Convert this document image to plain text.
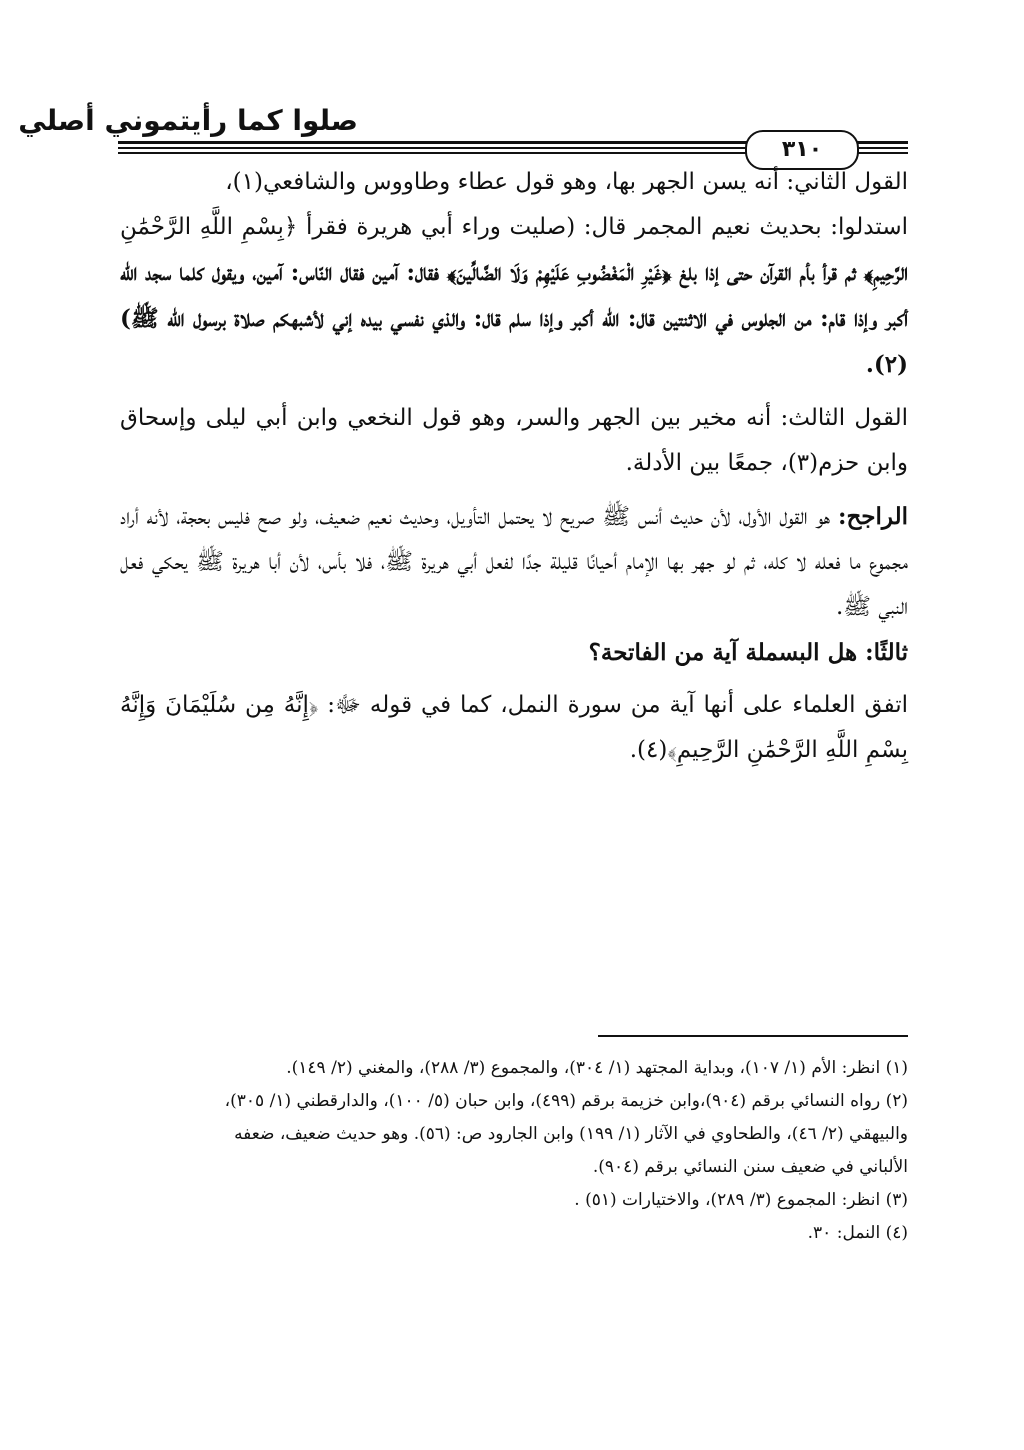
صلوا كما رأيتموني أصلي
٣١٠

القول الثاني: أنه يسن الجهر بها، وهو قول عطاء وطاووس والشافعي(١)،
استدلوا: بحديث نعيم المجمر قال: (صليت وراء أبي هريرة فقرأ ﴿بِسْمِ اللَّهِ الرَّحْمَٰنِ الرَّحِيمِ﴾ ثم قرأ بأم القرآن حتى إذا بلغ ﴿غَيْرِ الْمَغْضُوبِ عَلَيْهِمْ وَلَا الضَّالِّينَ﴾ فقال: آمين فقال النّاس: آمين، ويقول كلما سجد الله أكبر وإذا قام: من الجلوس في الاثنتين قال: الله أكبر وإذا سلم قال: والذي نفسي بيده إني لأشبهكم صلاة برسول الله ﷺ)(٢).

القول الثالث: أنه مخير بين الجهر والسر، وهو قول النخعي وابن أبي ليلى وإسحاق وابن حزم(٣)، جمعًا بين الأدلة.

الراجح: هو القول الأول، لأن حديث أنس ﷺ صريح لا يحتمل التأويل، وحديث نعيم ضعيف، ولو صح فليس بحجة، لأنه أراد مجموع ما فعله لا كله، ثم لو جهر بها الإمام أحيانًا قليلة جدًا لفعل أبي هريرة ﷺ، فلا بأس، لأن أبا هريرة ﷺ يحكي فعل النبي ﷺ.

ثالثًا: هل البسملة آية من الفاتحة؟

اتفق العلماء على أنها آية من سورة النمل، كما في قوله ﷻ: ﴿إِنَّهُ مِن سُلَيْمَانَ وَإِنَّهُ بِسْمِ اللَّهِ الرَّحْمَٰنِ الرَّحِيمِ﴾(٤).

(١) انظر: الأم (١/ ١٠٧)، وبداية المجتهد (١/ ٣٠٤)، والمجموع (٣/ ٢٨٨)، والمغني (٢/ ١٤٩).

(٢) رواه النسائي برقم (٩٠٤)،وابن خزيمة برقم (٤٩٩)، وابن حبان (٥/ ١٠٠)، والدارقطني (١/ ٣٠٥)،
والبيهقي (٢/ ٤٦)، والطحاوي في الآثار (١/ ١٩٩) وابن الجارود ص: (٥٦). وهو حديث ضعيف، ضعفه
الألباني في ضعيف سنن النسائي برقم (٩٠٤).

(٣) انظر: المجموع (٣/ ٢٨٩)، والاختيارات (٥١) .

(٤) النمل: ٣٠.
